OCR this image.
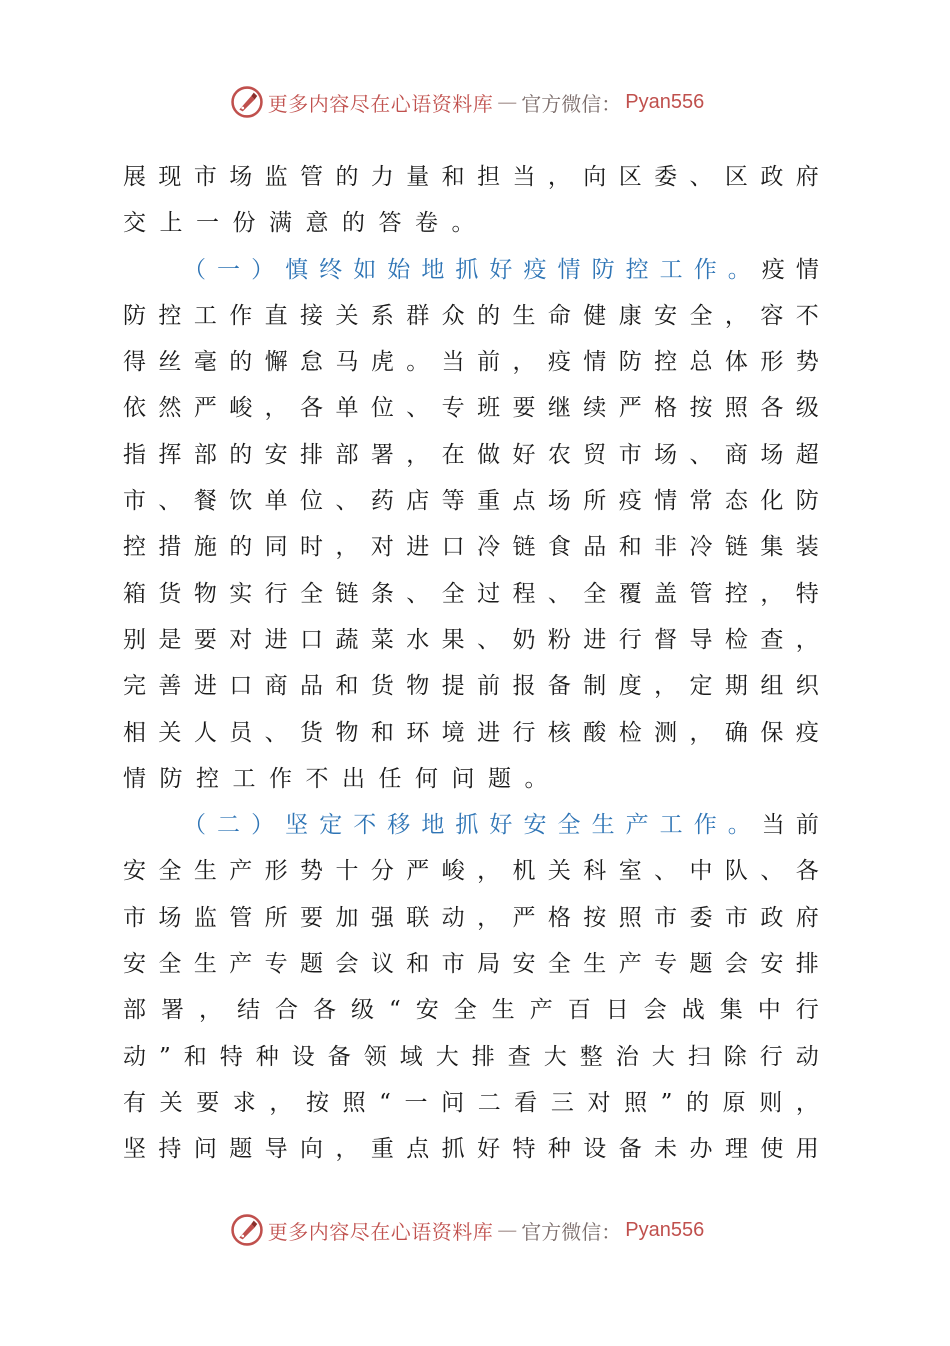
更多内容尽在心语资料库 — 官方微信： Pyan556
展 现 市 场 监 管 的 力 量 和 担 当 ， 向 区 委 、 区 政 府
交 上 一 份 满 意 的 答 卷 。
（ 一 ） 慎 终 如 始 地 抓 好 疫 情 防 控 工 作 。 疫 情
防 控 工 作 直 接 关 系 群 众 的 生 命 健 康 安 全 ， 容 不
得 丝 毫 的 懈 怠 马 虎 。 当 前 ， 疫 情 防 控 总 体 形 势
依 然 严 峻 ， 各 单 位 、 专 班 要 继 续 严 格 按 照 各 级
指 挥 部 的 安 排 部 署 ， 在 做 好 农 贸 市 场 、 商 场 超
市 、 餐 饮 单 位 、 药 店 等 重 点 场 所 疫 情 常 态 化 防
控 措 施 的 同 时 ， 对 进 口 冷 链 食 品 和 非 冷 链 集 装
箱 货 物 实 行 全 链 条 、 全 过 程 、 全 覆 盖 管 控 ， 特
别 是 要 对 进 口 蔬 菜 水 果 、 奶 粉 进 行 督 导 检 查 ，
完 善 进 口 商 品 和 货 物 提 前 报 备 制 度 ， 定 期 组 织
相 关 人 员 、 货 物 和 环 境 进 行 核 酸 检 测 ， 确 保 疫
情 防 控 工 作 不 出 任 何 问 题 。
（ 二 ） 坚 定 不 移 地 抓 好 安 全 生 产 工 作 。 当 前
安 全 生 产 形 势 十 分 严 峻 ， 机 关 科 室 、 中 队 、 各
市 场 监 管 所 要 加 强 联 动 ， 严 格 按 照 市 委 市 政 府
安 全 生 产 专 题 会 议 和 市 局 安 全 生 产 专 题 会 安 排
部 署 ， 结 合 各 级 “ 安 全 生 产 百 日 会 战 集 中 行
动 ” 和 特 种 设 备 领 域 大 排 查 大 整 治 大 扫 除 行 动
有 关 要 求 ， 按 照 “ 一 问 二 看 三 对 照 ” 的 原 则 ，
坚 持 问 题 导 向 ， 重 点 抓 好 特 种 设 备 未 办 理 使 用
更多内容尽在心语资料库 — 官方微信： Pyan556
